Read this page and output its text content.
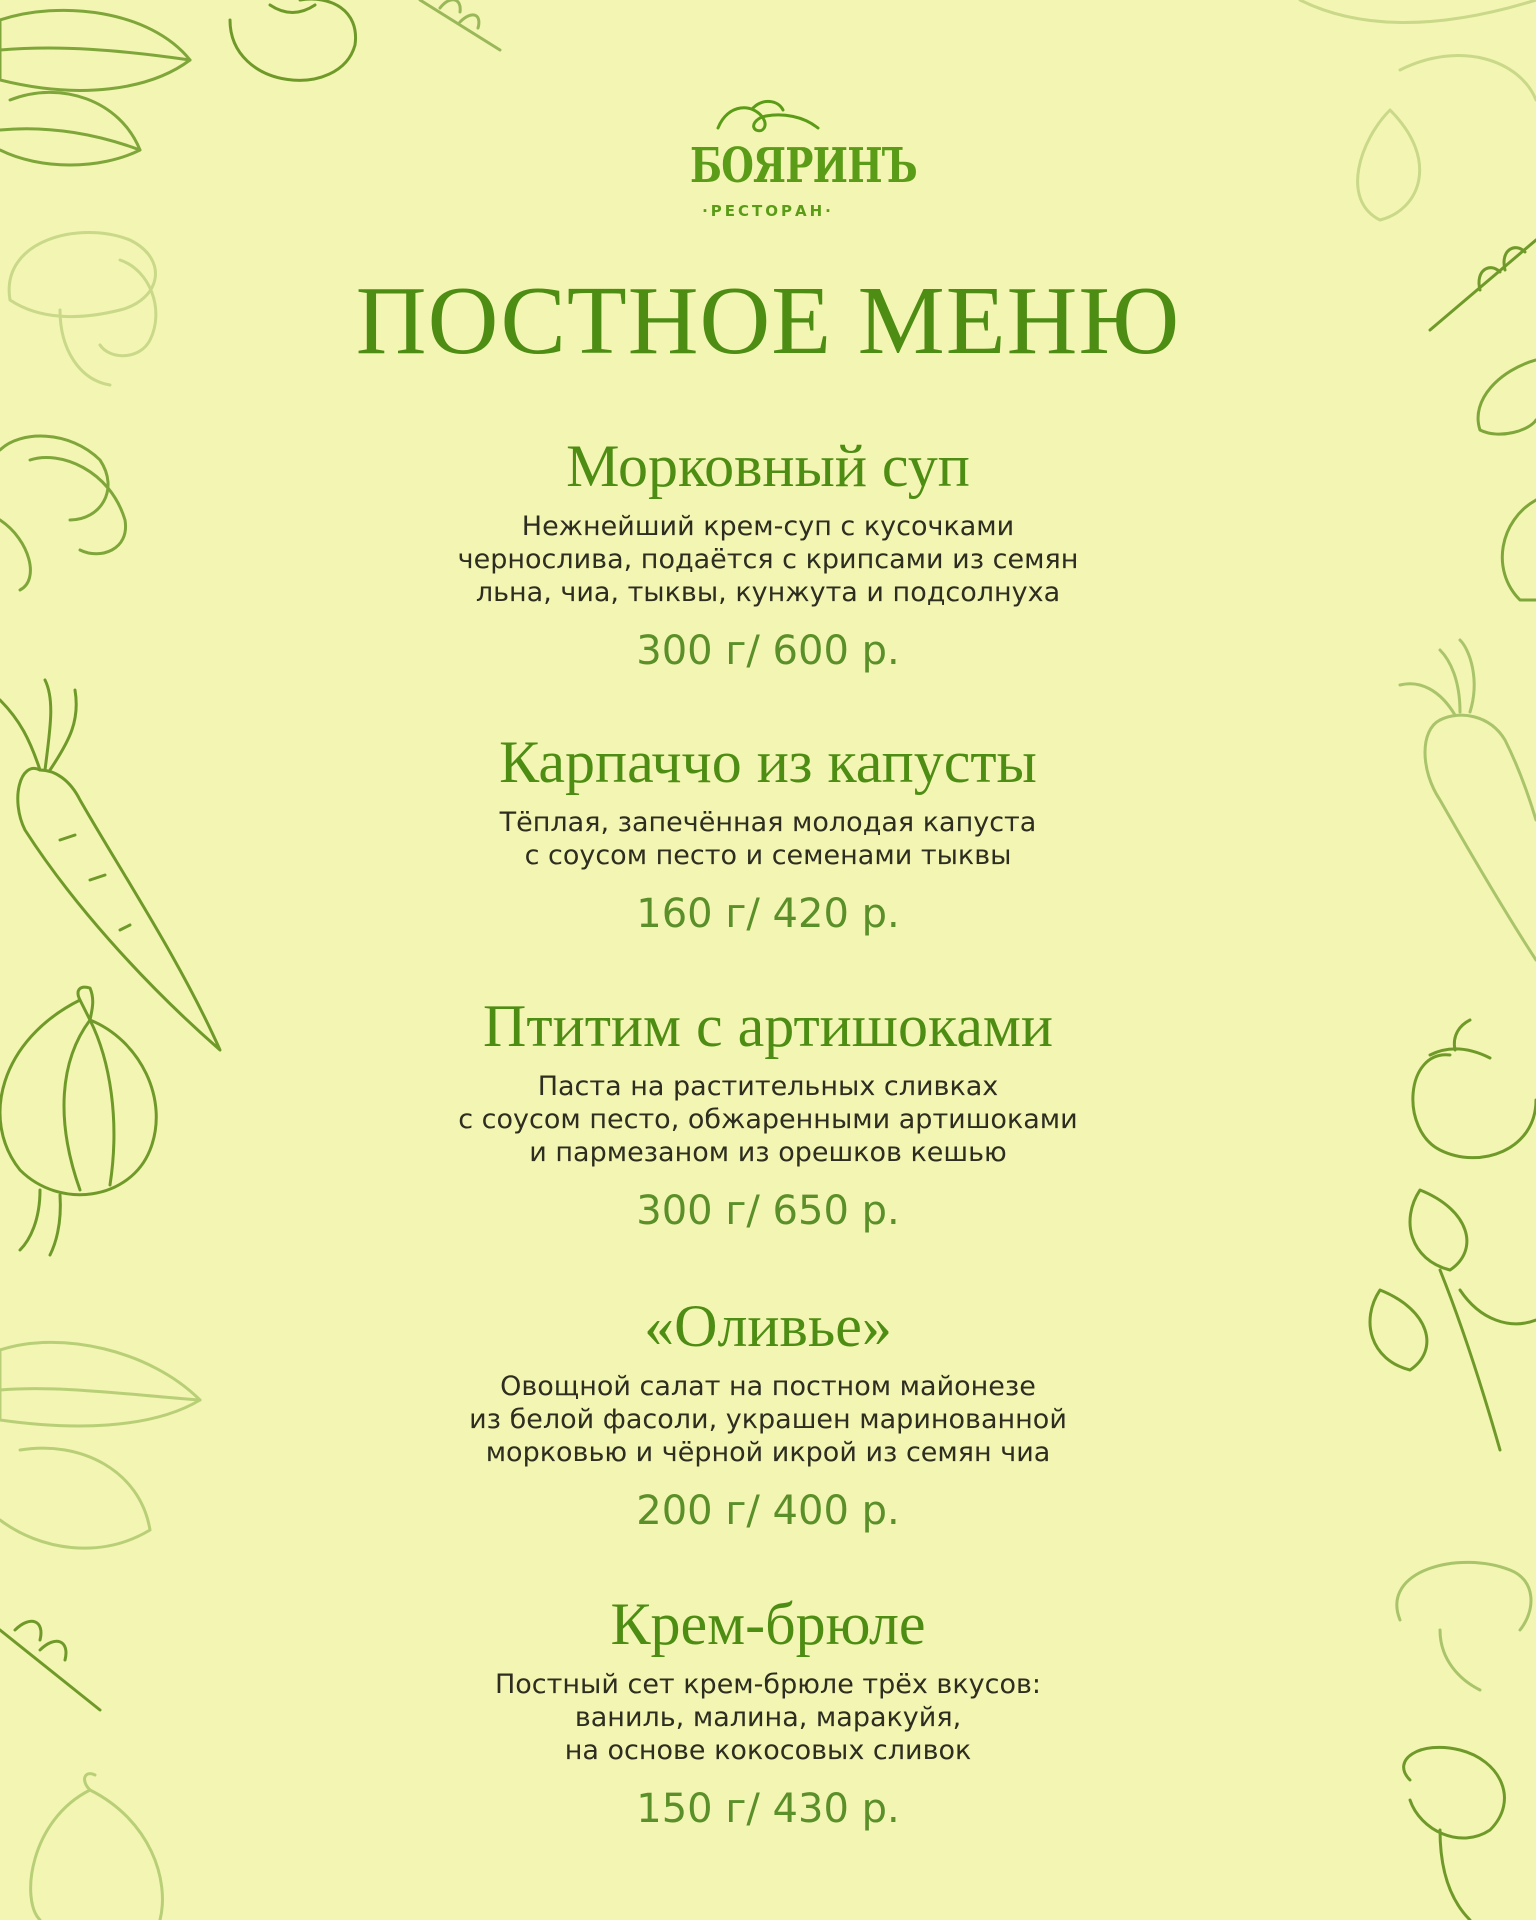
БОЯРИНЪ
·РЕСТОРАН·
ПОСТНОЕ МЕНЮ

Морковный суп

Нежнейший крем-суп с кусочками
чернослива, подаётся с крипсами из семян
льна, чиа, тыквы, кунжута и подсолнуха

300 г/ 600 р.

Карпаччо из капусты

Тёплая, запечённая молодая капуста
с соусом песто и семенами тыквы

160 г/ 420 р.

Птитим с артишоками

Паста на растительных сливках
с соусом песто, обжаренными артишоками
и пармезаном из орешков кешью

300 г/ 650 р.

«Оливье»

Овощной салат на постном майонезе
из белой фасоли, украшен маринованной
морковью и чёрной икрой из семян чиа

200 г/ 400 р.

Крем-брюле

Постный сет крем-брюле трёх вкусов:
ваниль, малина, маракуйя,
на основе кокосовых сливок

150 г/ 430 р.
